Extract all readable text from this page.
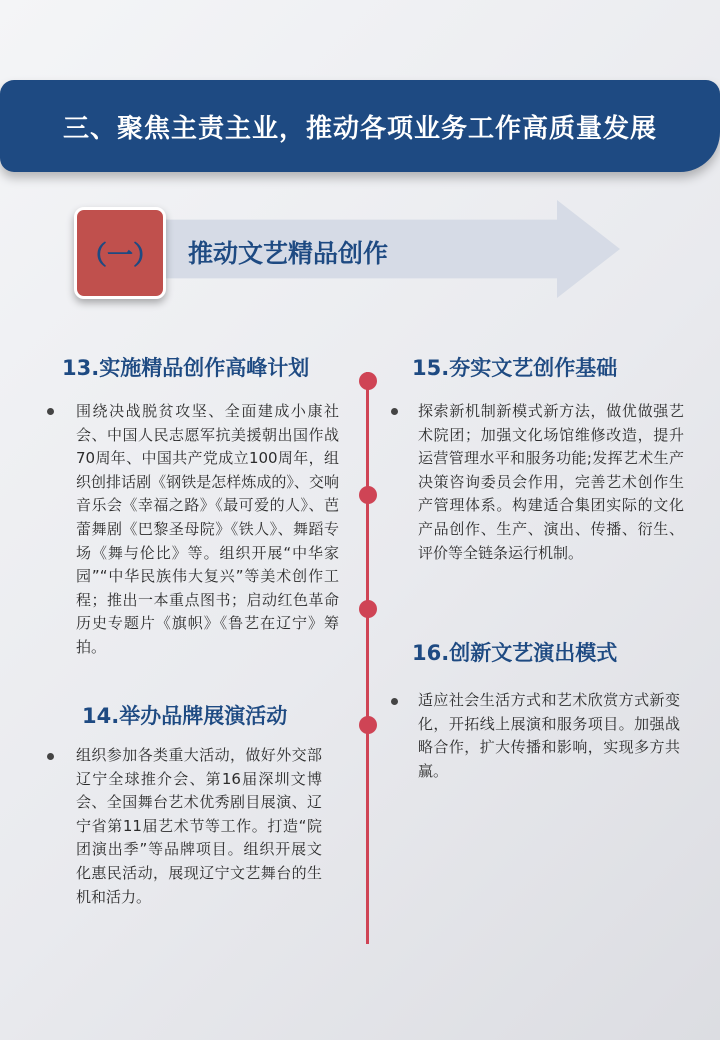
三、聚焦主责主业，推动各项业务工作高质量发展
（一） 推动文艺精品创作
13.实施精品创作高峰计划
围绕决战脱贫攻坚、全面建成小康社会、中国人民志愿军抗美援朝出国作战70周年、中国共产党成立100周年，组织创排话剧《钢铁是怎样炼成的》、交响音乐会《幸福之路》《最可爱的人》、芭蕾舞剧《巴黎圣母院》《铁人》、舞蹈专场《舞与伦比》等。组织开展“中华家园”“中华民族伟大复兴”等美术创作工程；推出一本重点图书；启动红色革命历史专题片《旗帜》《鲁艺在辽宁》筹拍。
14.举办品牌展演活动
组织参加各类重大活动，做好外交部辽宁全球推介会、第16届深圳文博会、全国舞台艺术优秀剧目展演、辽宁省第11届艺术节等工作。打造“院团演出季”等品牌项目。组织开展文化惠民活动，展现辽宁文艺舞台的生机和活力。
15.夯实文艺创作基础
探索新机制新模式新方法，做优做强艺术院团；加强文化场馆维修改造，提升运营管理水平和服务功能;发挥艺术生产决策咨询委员会作用，完善艺术创作生产管理体系。构建适合集团实际的文化产品创作、生产、演出、传播、衍生、评价等全链条运行机制。
16.创新文艺演出模式
适应社会生活方式和艺术欣赏方式新变化，开拓线上展演和服务项目。加强战略合作，扩大传播和影响，实现多方共赢。
